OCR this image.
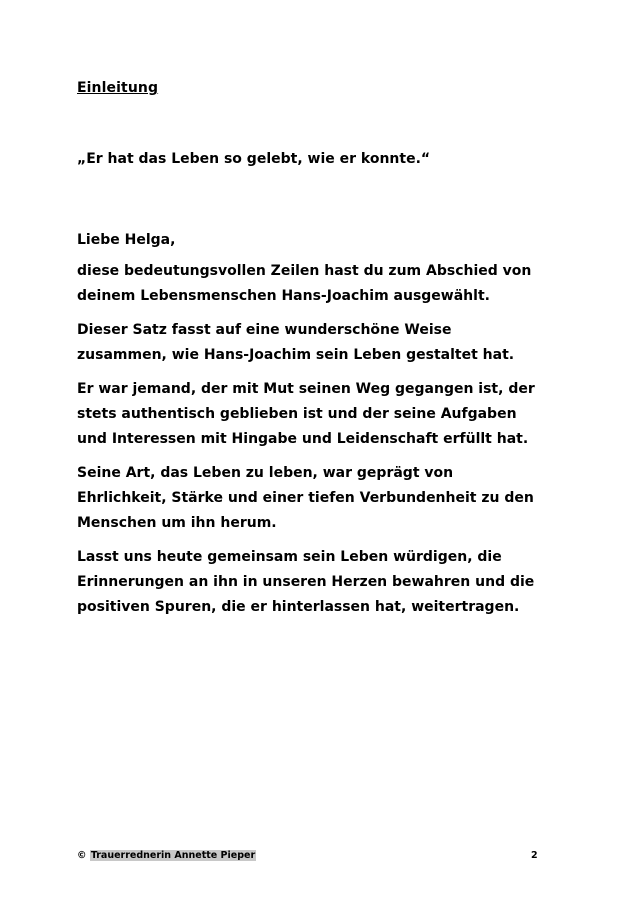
Einleitung
„Er hat das Leben so gelebt, wie er konnte.“
Liebe Helga,

diese bedeutungsvollen Zeilen hast du zum Abschied von
deinem Lebensmenschen Hans-Joachim ausgewählt.

Dieser Satz fasst auf eine wunderschöne Weise
zusammen, wie Hans-Joachim sein Leben gestaltet hat.

Er war jemand, der mit Mut seinen Weg gegangen ist, der
stets authentisch geblieben ist und der seine Aufgaben
und Interessen mit Hingabe und Leidenschaft erfüllt hat.

Seine Art, das Leben zu leben, war geprägt von
Ehrlichkeit, Stärke und einer tiefen Verbundenheit zu den
Menschen um ihn herum.

Lasst uns heute gemeinsam sein Leben würdigen, die
Erinnerungen an ihn in unseren Herzen bewahren und die
positiven Spuren, die er hinterlassen hat, weitertragen.

© Trauerrednerin Annette Pieper	2
